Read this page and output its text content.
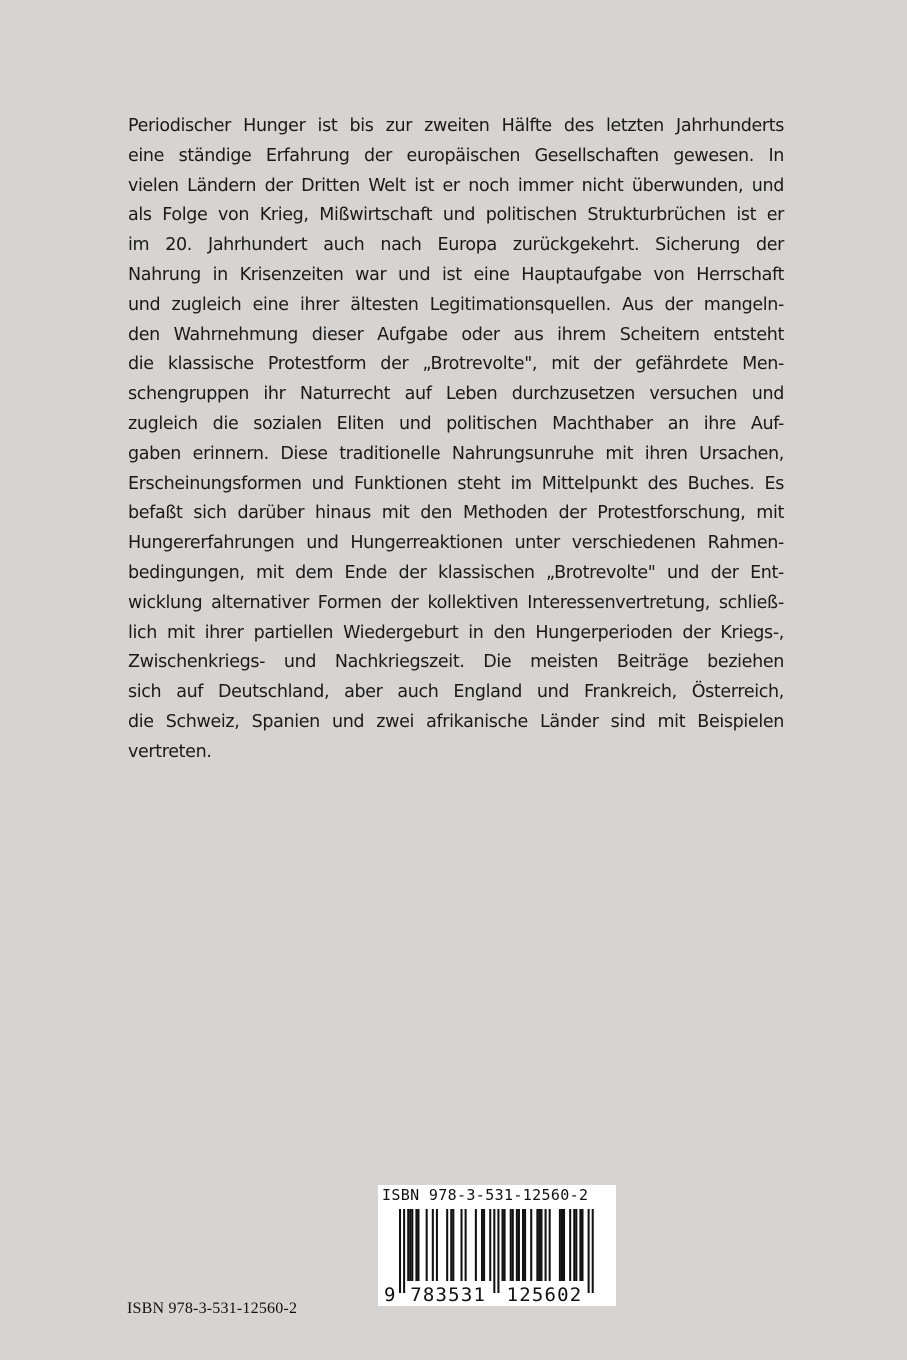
Periodischer Hunger ist bis zur zweiten Hälfte des letzten Jahrhunderts
eine ständige Erfahrung der europäischen Gesellschaften gewesen. In
vielen Ländern der Dritten Welt ist er noch immer nicht überwunden, und
als Folge von Krieg, Mißwirtschaft und politischen Strukturbrüchen ist er
im 20. Jahrhundert auch nach Europa zurückgekehrt. Sicherung der
Nahrung in Krisenzeiten war und ist eine Hauptaufgabe von Herrschaft
und zugleich eine ihrer ältesten Legitimationsquellen. Aus der mangeln-
den Wahrnehmung dieser Aufgabe oder aus ihrem Scheitern entsteht
die klassische Protestform der „Brotrevolte", mit der gefährdete Men-
schengruppen ihr Naturrecht auf Leben durchzusetzen versuchen und
zugleich die sozialen Eliten und politischen Machthaber an ihre Auf-
gaben erinnern. Diese traditionelle Nahrungsunruhe mit ihren Ursachen,
Erscheinungsformen und Funktionen steht im Mittelpunkt des Buches. Es
befaßt sich darüber hinaus mit den Methoden der Protestforschung, mit
Hungererfahrungen und Hungerreaktionen unter verschiedenen Rahmen-
bedingungen, mit dem Ende der klassischen „Brotrevolte" und der Ent-
wicklung alternativer Formen der kollektiven Interessenvertretung, schließ-
lich mit ihrer partiellen Wiedergeburt in den Hungerperioden der Kriegs-,
Zwischenkriegs- und Nachkriegszeit. Die meisten Beiträge beziehen
sich auf Deutschland, aber auch England und Frankreich, Österreich,
die Schweiz, Spanien und zwei afrikanische Länder sind mit Beispielen
vertreten.
ISBN 978-3-531-12560-2
9 783531 125602
ISBN 978-3-531-12560-2
